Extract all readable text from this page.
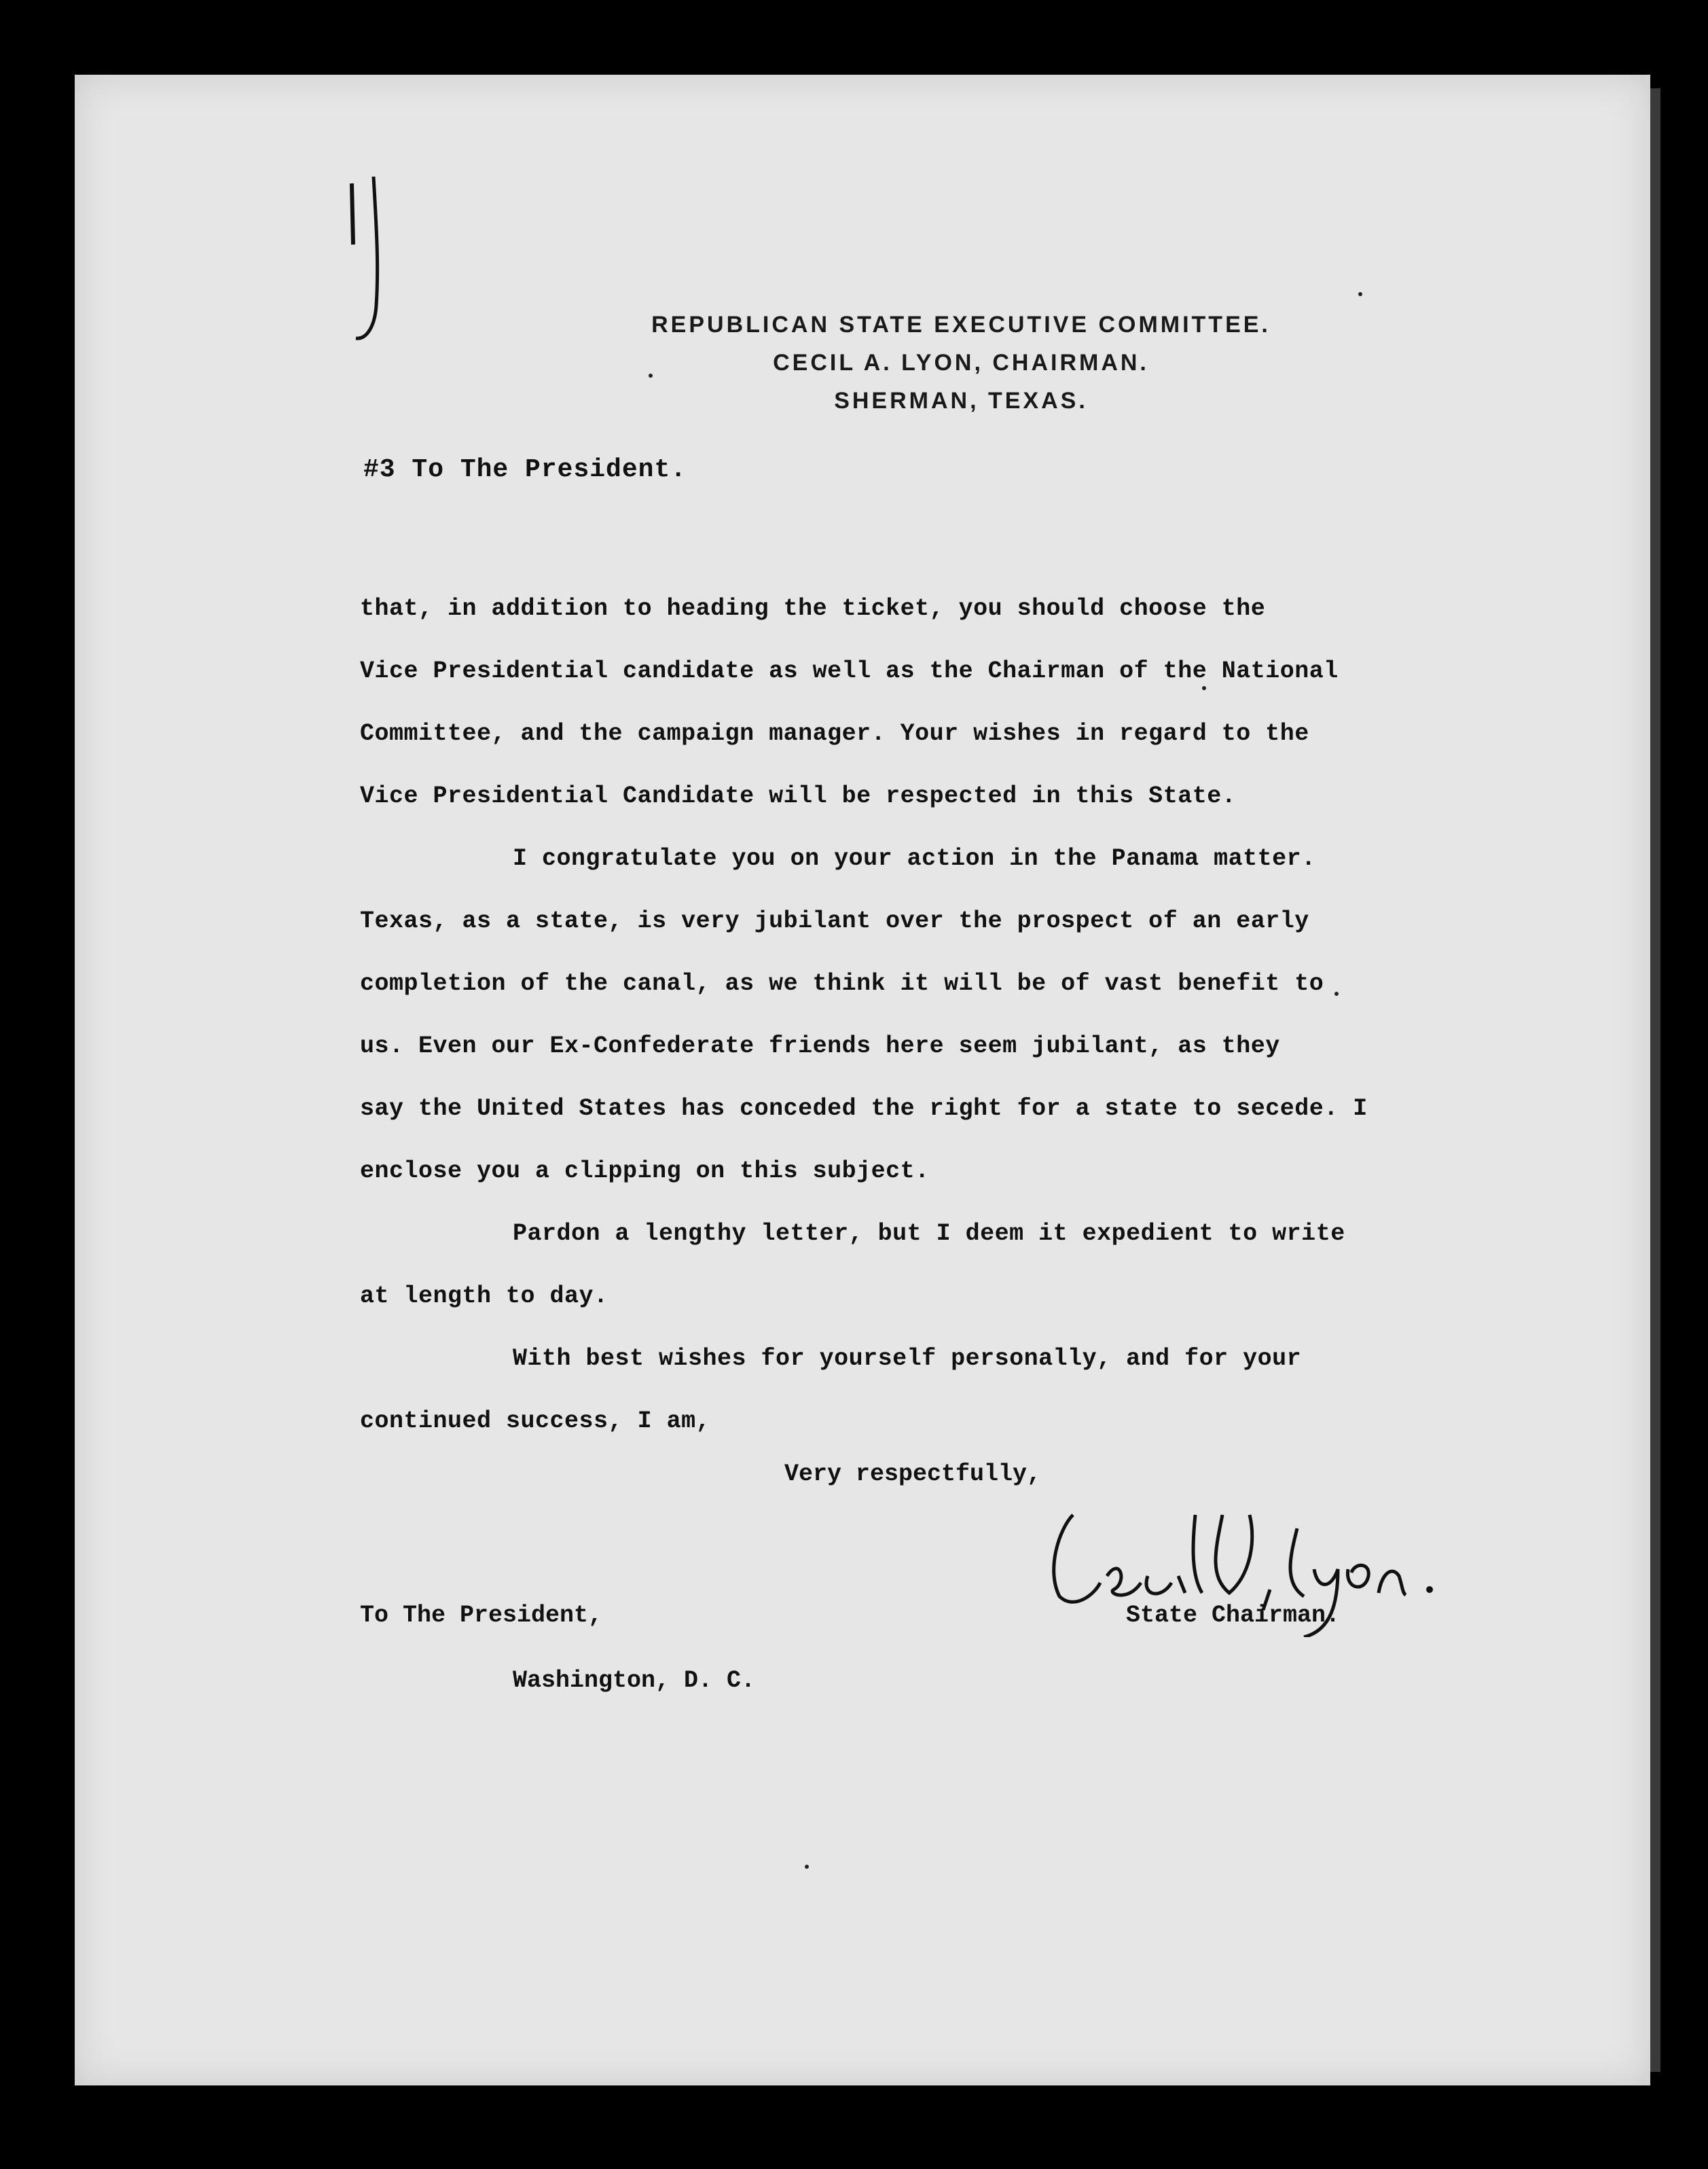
REPUBLICAN STATE EXECUTIVE COMMITTEE.
CECIL A. LYON, CHAIRMAN.
SHERMAN, TEXAS.
#3 To The President.
that, in addition to heading the ticket, you should choose the
Vice Presidential candidate as well as the Chairman of the National
Committee, and the campaign manager. Your wishes in regard to the
Vice Presidential Candidate will be respected in this State.
I congratulate you on your action in the Panama matter.
Texas, as a state, is very jubilant over the prospect of an early
completion of the canal, as we think it will be of vast benefit to
us. Even our Ex-Confederate friends here seem jubilant, as they
say the United States has conceded the right for a state to secede. I
enclose you a clipping on this subject.
Pardon a lengthy letter, but I deem it expedient to write
at length to day.
With best wishes for yourself personally, and for your
continued success, I am,
Very respectfully,
To The President,
Washington, D. C.
State Chairman.
